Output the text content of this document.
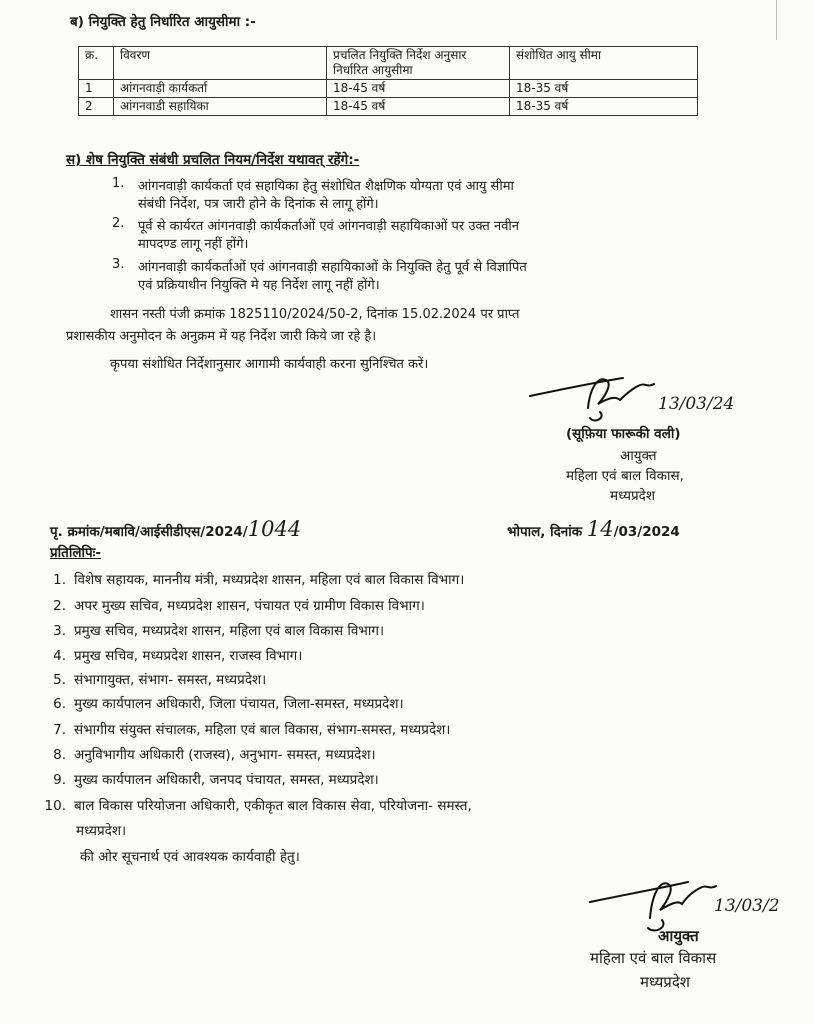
ब) नियुक्ति हेतु निर्धारित आयुसीमा :-
क्र.	विवरण	प्रचलित नियुक्ति निर्देश अनुसार निर्धारित आयुसीमा	संशोधित आयु सीमा
1	आंगनवाड़ी कार्यकर्ता	18-45 वर्ष	18-35 वर्ष
2	आंगनवाडी सहायिका	18-45 वर्ष	18-35 वर्ष
स) शेष नियुक्ति संबंधी प्रचलित नियम/निर्देश यथावत् रहेंगे:-
1. आंगनवाड़ी कार्यकर्ता एवं सहायिका हेतु संशोधित शैक्षणिक योग्यता एवं आयु सीमा
संबंधी निर्देश, पत्र जारी होने के दिनांक से लागू होंगे।
2. पूर्व से कार्यरत आंगनवाड़ी कार्यकर्ताओं एवं आंगनवाड़ी सहायिकाओं पर उक्त नवीन
मापदण्ड लागू नहीं होंगे।
3. आंगनवाड़ी कार्यकर्ताओं एवं आंगनवाड़ी सहायिकाओं के नियुक्ति हेतु पूर्व से विज्ञापित
एवं प्रक्रियाधीन नियुक्ति मे यह निर्देश लागू नहीं होंगे।
शासन नस्ती पंजी क्रमांक 1825110/2024/50-2, दिनांक 15.02.2024 पर प्राप्त
प्रशासकीय अनुमोदन के अनुक्रम में यह निर्देश जारी किये जा रहे है।
कृपया संशोधित निर्देशानुसार आगामी कार्यवाही करना सुनिश्चित करें।
13/03/24
(सूफ़िया फारूकी वली)
आयुक्त
महिला एवं बाल विकास,
मध्यप्रदेश
पृ. क्रमांक/मबावि/आईसीडीएस/2024/1044	भोपाल, दिनांक 14/03/2024
प्रतिलिपिः-
1. विशेष सहायक, माननीय मंत्री, मध्यप्रदेश शासन, महिला एवं बाल विकास विभाग।
2. अपर मुख्य सचिव, मध्यप्रदेश शासन, पंचायत एवं ग्रामीण विकास विभाग।
3. प्रमुख सचिव, मध्यप्रदेश शासन, महिला एवं बाल विकास विभाग।
4. प्रमुख सचिव, मध्यप्रदेश शासन, राजस्व विभाग।
5. संभागायुक्त, संभाग- समस्त, मध्यप्रदेश।
6. मुख्य कार्यपालन अधिकारी, जिला पंचायत, जिला-समस्त, मध्यप्रदेश।
7. संभागीय संयुक्त संचालक, महिला एवं बाल विकास, संभाग-समस्त, मध्यप्रदेश।
8. अनुविभागीय अधिकारी (राजस्व), अनुभाग- समस्त, मध्यप्रदेश।
9. मुख्य कार्यपालन अधिकारी, जनपद पंचायत, समस्त, मध्यप्रदेश।
10. बाल विकास परियोजना अधिकारी, एकीकृत बाल विकास सेवा, परियोजना- समस्त,
मध्यप्रदेश।
की ओर सूचनार्थ एवं आवश्यक कार्यवाही हेतु।
13/03/2
आयुक्त
महिला एवं बाल विकास
मध्यप्रदेश
